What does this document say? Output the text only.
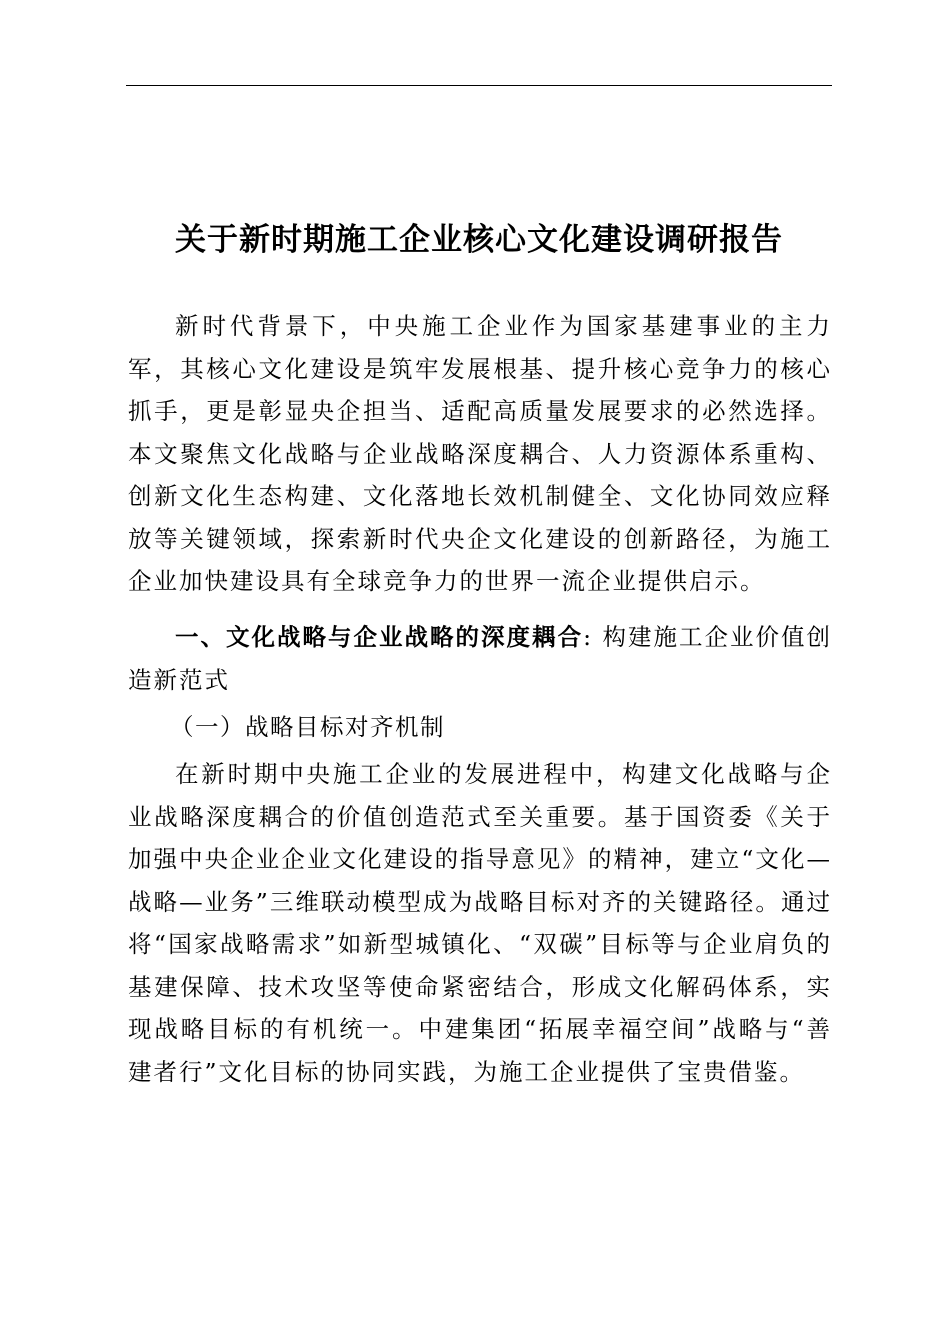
关于新时期施工企业核心文化建设调研报告

新时代背景下，中央施工企业作为国家基建事业的主力军，其核心文化建设是筑牢发展根基、提升核心竞争力的核心抓手，更是彰显央企担当、适配高质量发展要求的必然选择。本文聚焦文化战略与企业战略深度耦合、人力资源体系重构、创新文化生态构建、文化落地长效机制健全、文化协同效应释放等关键领域，探索新时代央企文化建设的创新路径，为施工企业加快建设具有全球竞争力的世界一流企业提供启示。

一、文化战略与企业战略的深度耦合: 构建施工企业价值创造新范式

（一）战略目标对齐机制

在新时期中央施工企业的发展进程中，构建文化战略与企业战略深度耦合的价值创造范式至关重要。基于国资委《关于加强中央企业企业文化建设的指导意见》的精神，建立“文化—战略—业务”三维联动模型成为战略目标对齐的关键路径。通过将“国家战略需求”如新型城镇化、“双碳”目标等与企业肩负的基建保障、技术攻坚等使命紧密结合，形成文化解码体系，实现战略目标的有机统一。中建集团“拓展幸福空间”战略与“善建者行”文化目标的协同实践，为施工企业提供了宝贵借鉴。
